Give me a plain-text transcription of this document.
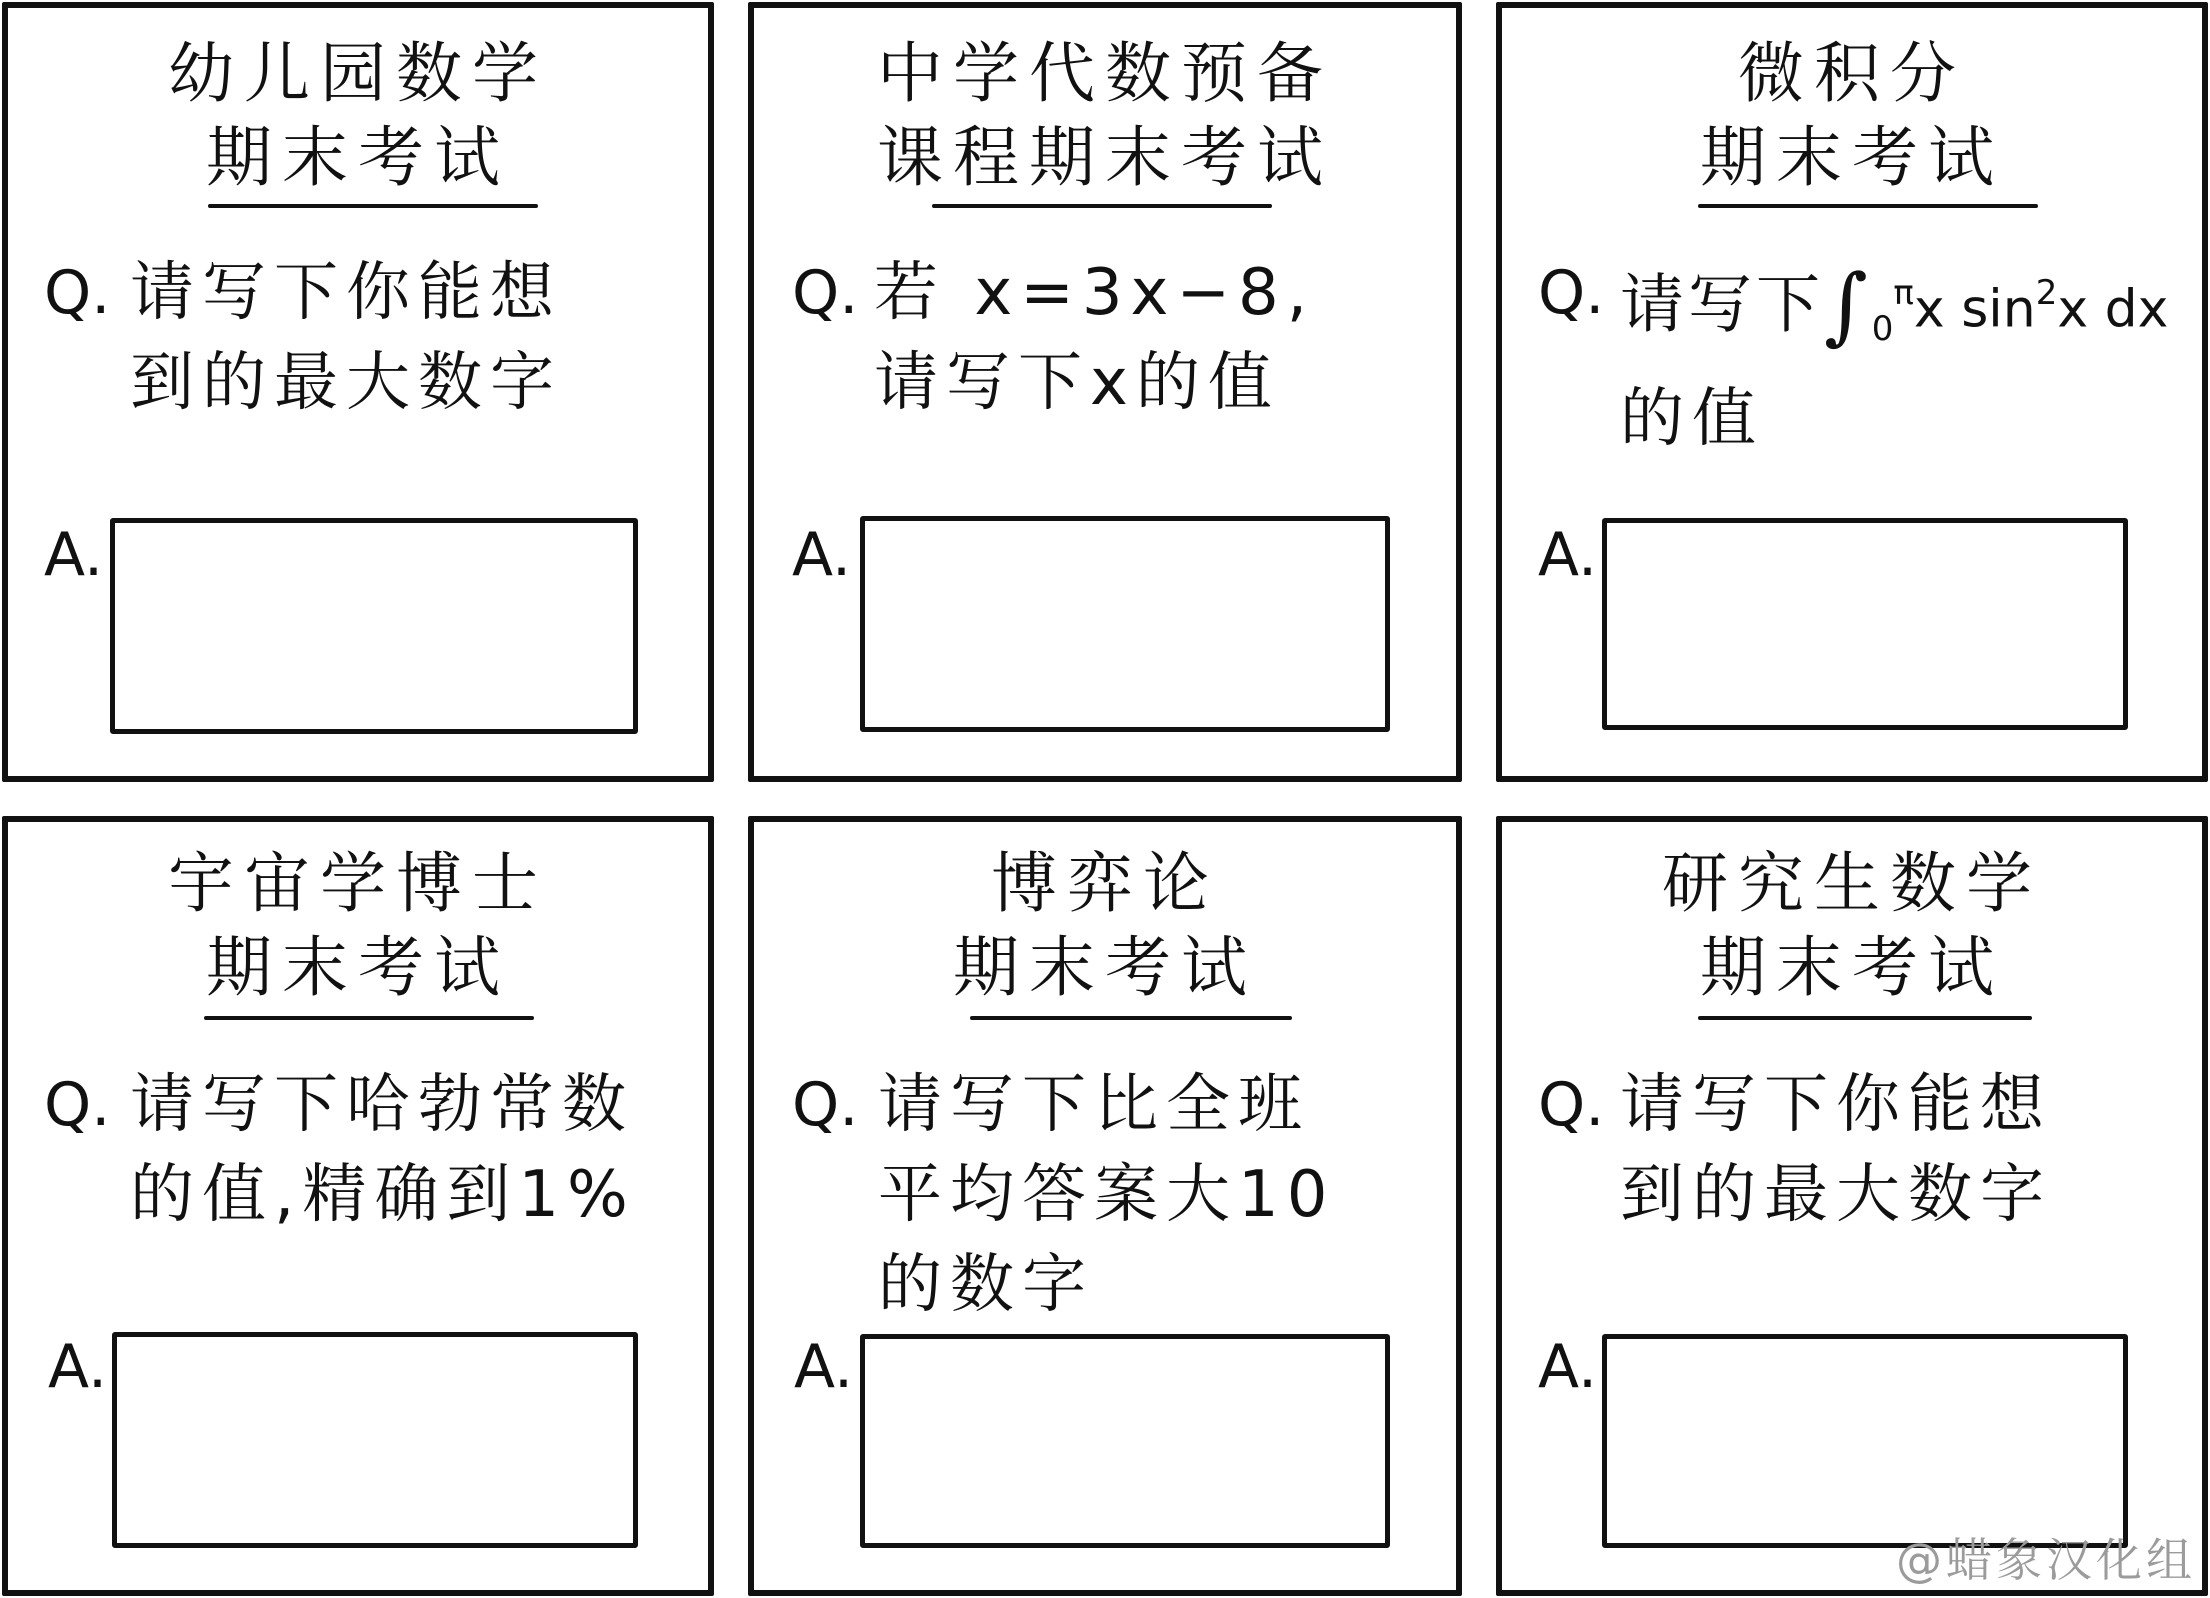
幼儿园数学
期末考试
Q. 请写下你能想
到的最大数字
A.
中学代数预备
课程期末考试
Q. 若 x=3x−8,
请写下x的值
A.
微积分
期末考试
Q. 请写下$\int_0^\pi x$ $\sin^2x$ dx
的值
A.
宇宙学博士
期末考试
Q. 请写下哈勃常数
的值,精确到1%
A.
博弈论
期末考试
Q. 请写下比全班
平均答案大10
的数字
A.
研究生数学
期末考试
Q. 请写下你能想
到的最大数字
A.
@蜡象汉化组
